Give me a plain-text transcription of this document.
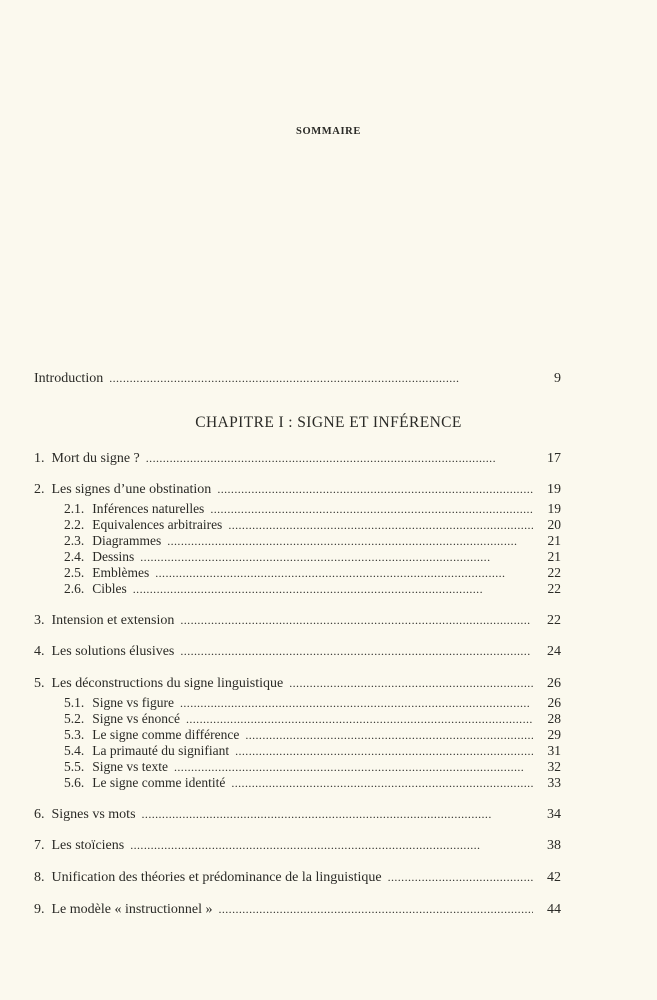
SOMMAIRE
Introduction . . .	9
CHAPITRE I : SIGNE ET INFÉRENCE
1. Mort du signe ? . . .	17
2. Les signes d’une obstination . . .	19
2.1. Inférences naturelles . . .	19
2.2. Equivalences arbitraires . . .	20
2.3. Diagrammes . . .	21
2.4. Dessins . . .	21
2.5. Emblèmes . . .	22
2.6. Cibles . . .	22
3. Intension et extension . . .	22
4. Les solutions élusives . . .	24
5. Les déconstructions du signe linguistique . . .	26
5.1. Signe vs figure . . .	26
5.2. Signe vs énoncé . . .	28
5.3. Le signe comme différence . . .	29
5.4. La primauté du signifiant . . .	31
5.5. Signe vs texte . . .	32
5.6. Le signe comme identité . . .	33
6. Signes vs mots . . .	34
7. Les stoïciens . . .	38
8. Unification des théories et prédominance de la linguistique . . .	42
9. Le modèle « instructionnel » . . .	44
